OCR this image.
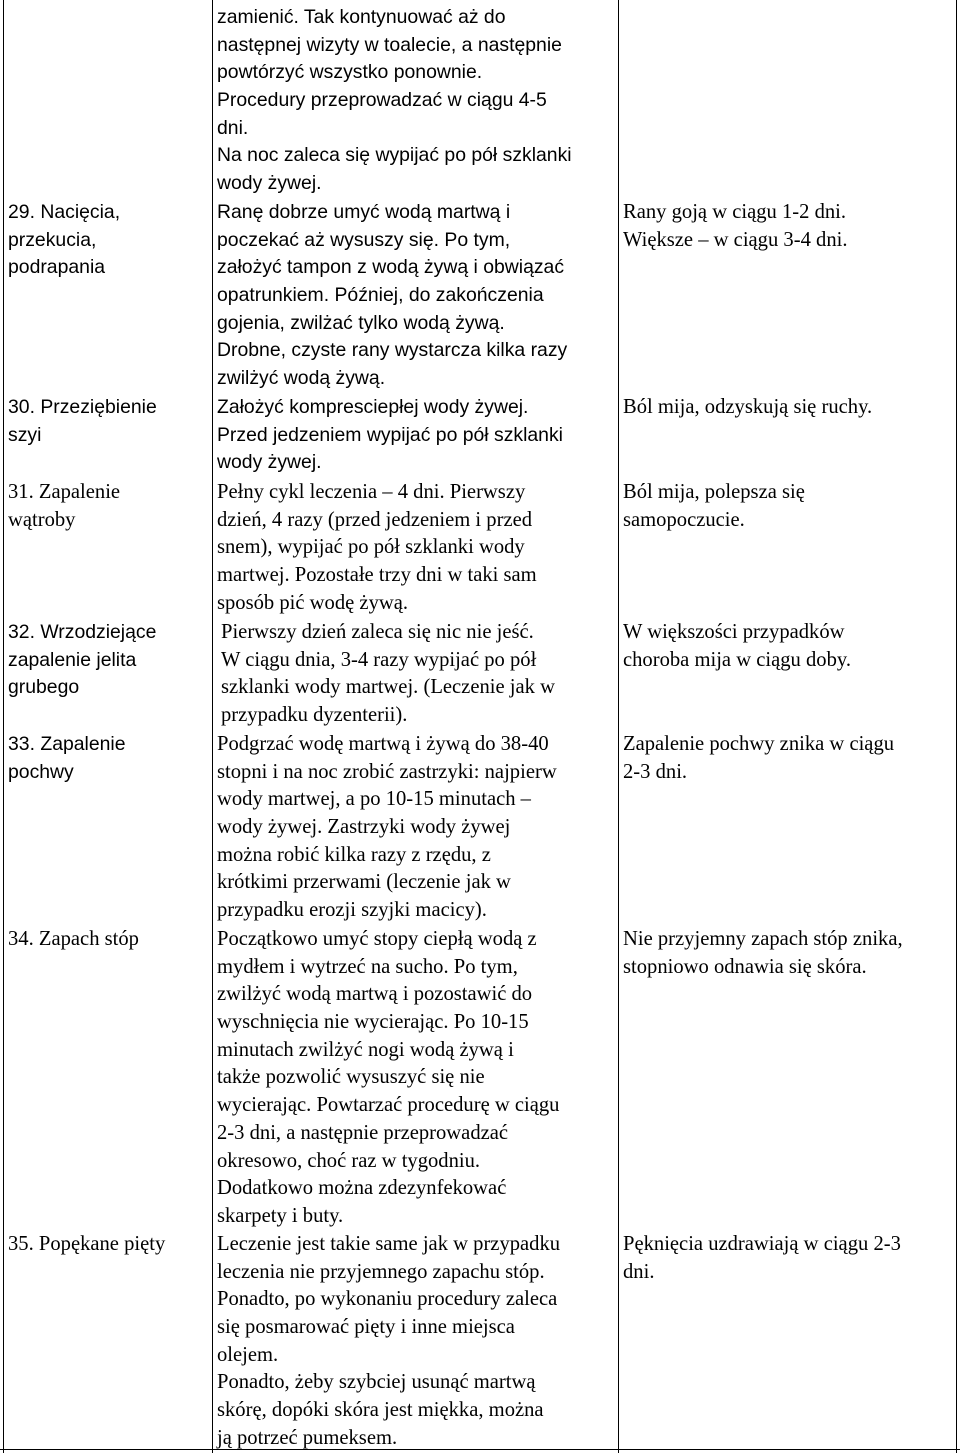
zamienić. Tak kontynuować aż do
następnej wizyty w toalecie, a następnie
powtórzyć wszystko ponownie.
Procedury przeprowadzać w ciągu 4-5
dni.
Na noc zaleca się wypijać po pół szklanki
wody żywej.
29. Nacięcia,
przekucia,
podrapania
Ranę dobrze umyć wodą martwą i
poczekać aż wysuszy się. Po tym,
założyć tampon z wodą żywą i obwiązać
opatrunkiem. Później, do zakończenia
gojenia, zwilżać tylko wodą żywą.
Drobne, czyste rany wystarcza kilka razy
zwilżyć wodą żywą.
Rany goją w ciągu 1-2 dni.
Większe – w ciągu 3-4 dni.
30. Przeziębienie
szyi
Założyć kompresciepłej wody żywej.
Przed jedzeniem wypijać po pół szklanki
wody żywej.
Ból mija, odzyskują się ruchy.
31. Zapalenie
wątroby
Pełny cykl leczenia – 4 dni. Pierwszy
dzień, 4 razy (przed jedzeniem i przed
snem), wypijać po pół szklanki wody
martwej. Pozostałe trzy dni w taki sam
sposób pić wodę żywą.
Ból mija, polepsza się
samopoczucie.
32. Wrzodziejące
zapalenie jelita
grubego
Pierwszy dzień zaleca się nic nie jeść.
W ciągu dnia, 3-4 razy wypijać po pół
szklanki wody martwej. (Leczenie jak w
przypadku dyzenterii).
W większości przypadków
choroba mija w ciągu doby.
33. Zapalenie
pochwy
Podgrzać wodę martwą i żywą do 38-40
stopni i na noc zrobić zastrzyki: najpierw
wody martwej, a po 10-15 minutach –
wody żywej. Zastrzyki wody żywej
można robić kilka razy z rzędu, z
krótkimi przerwami (leczenie jak w
przypadku erozji szyjki macicy).
Zapalenie pochwy znika w ciągu
2-3 dni.
34. Zapach stóp	Początkowo umyć stopy ciepłą wodą z
mydłem i wytrzeć na sucho. Po tym,
zwilżyć wodą martwą i pozostawić do
wyschnięcia nie wycierając. Po 10-15
minutach zwilżyć nogi wodą żywą i
także pozwolić wysuszyć się nie
wycierając. Powtarzać procedurę w ciągu
2-3 dni, a następnie przeprowadzać
okresowo, choć raz w tygodniu.
Dodatkowo można zdezynfekować
skarpety i buty.
Nie przyjemny zapach stóp znika,
stopniowo odnawia się skóra.
35. Popękane pięty	Leczenie jest takie same jak w przypadku
leczenia nie przyjemnego zapachu stóp.
Ponadto, po wykonaniu procedury zaleca
się posmarować pięty i inne miejsca
olejem.
Ponadto, żeby szybciej usunąć martwą
skórę, dopóki skóra jest miękka, można
ją potrzeć pumeksem.
Pęknięcia uzdrawiają w ciągu 2-3
dni.
